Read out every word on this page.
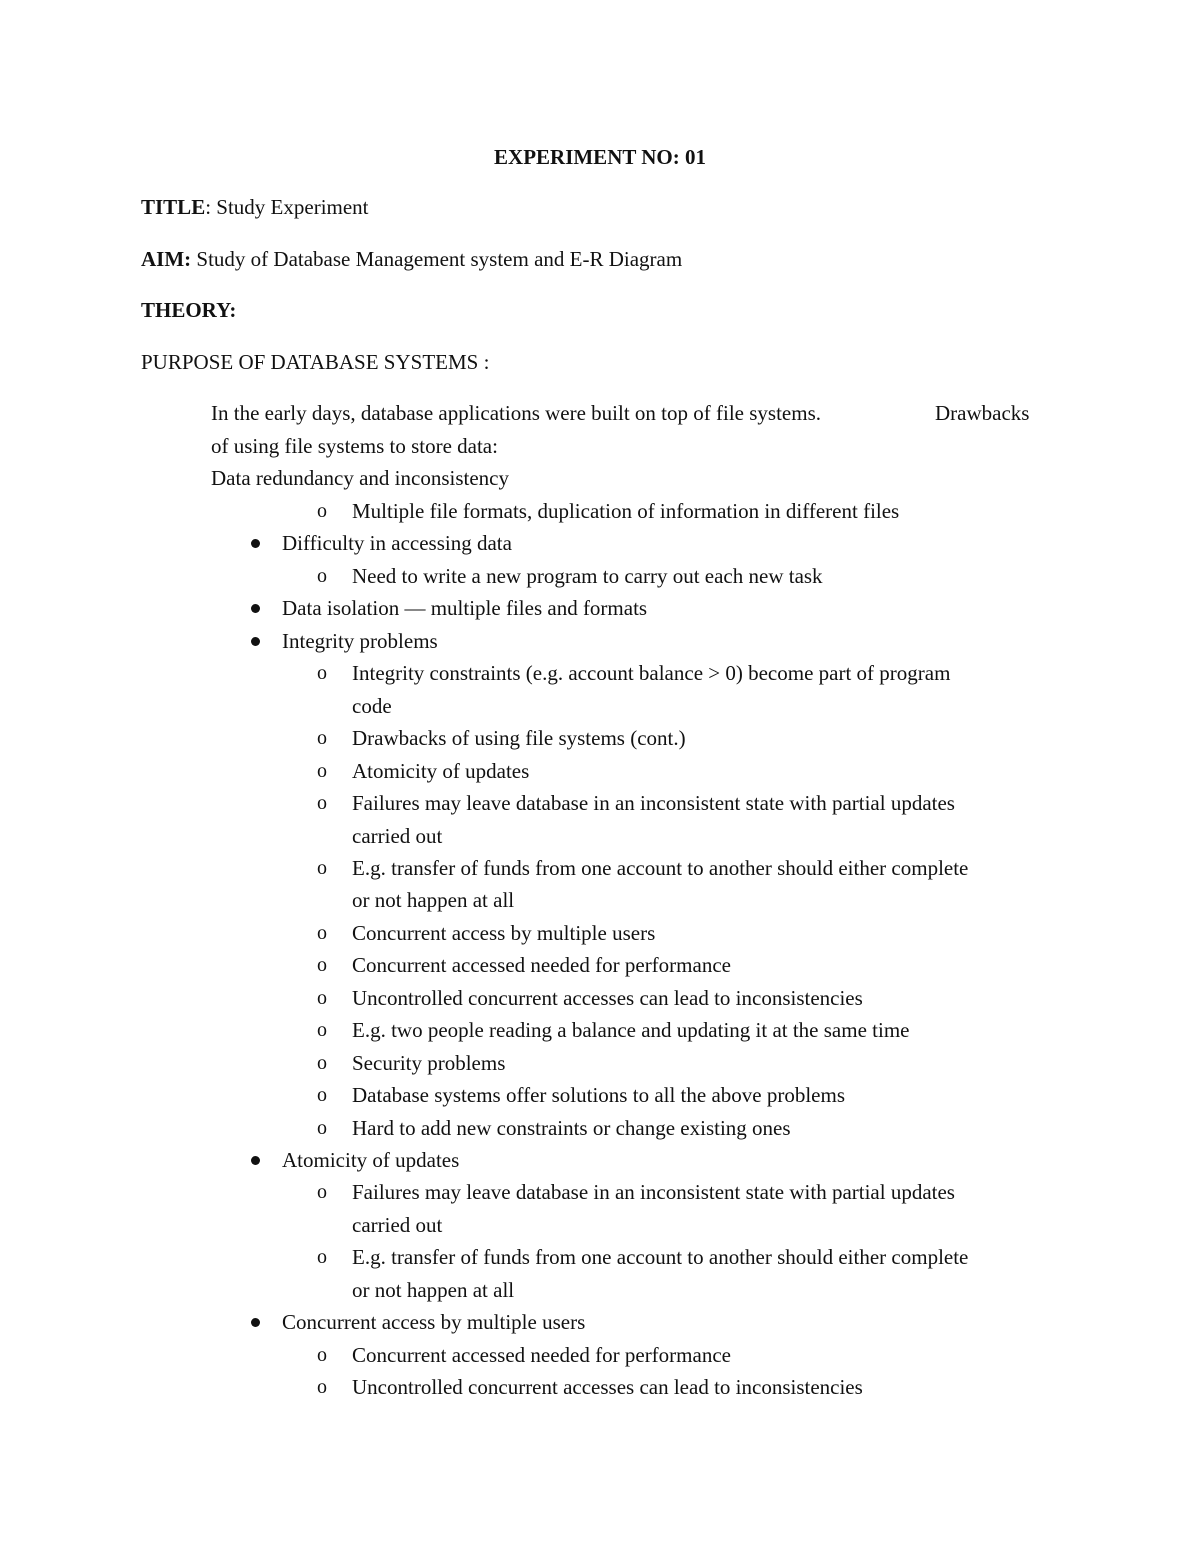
EXPERIMENT NO: 01
TITLE: Study Experiment
AIM: Study of Database Management system and E-R Diagram
THEORY:
PURPOSE OF DATABASE SYSTEMS :
In the early days, database applications were built on top of file systems.	Drawbacks
of using file systems to store data:
Data redundancy and inconsistency
o Multiple file formats, duplication of information in different files
Difficulty in accessing data
o Need to write a new program to carry out each new task
Data isolation — multiple files and formats
Integrity problems
o Integrity constraints (e.g. account balance > 0) become part of program
code
o Drawbacks of using file systems (cont.)
o Atomicity of updates
o Failures may leave database in an inconsistent state with partial updates
carried out
o E.g. transfer of funds from one account to another should either complete
or not happen at all
o Concurrent access by multiple users
o Concurrent accessed needed for performance
o Uncontrolled concurrent accesses can lead to inconsistencies
o E.g. two people reading a balance and updating it at the same time
o Security problems
o Database systems offer solutions to all the above problems
o Hard to add new constraints or change existing ones
Atomicity of updates
o Failures may leave database in an inconsistent state with partial updates
carried out
o E.g. transfer of funds from one account to another should either complete
or not happen at all
Concurrent access by multiple users
o Concurrent accessed needed for performance
o Uncontrolled concurrent accesses can lead to inconsistencies
